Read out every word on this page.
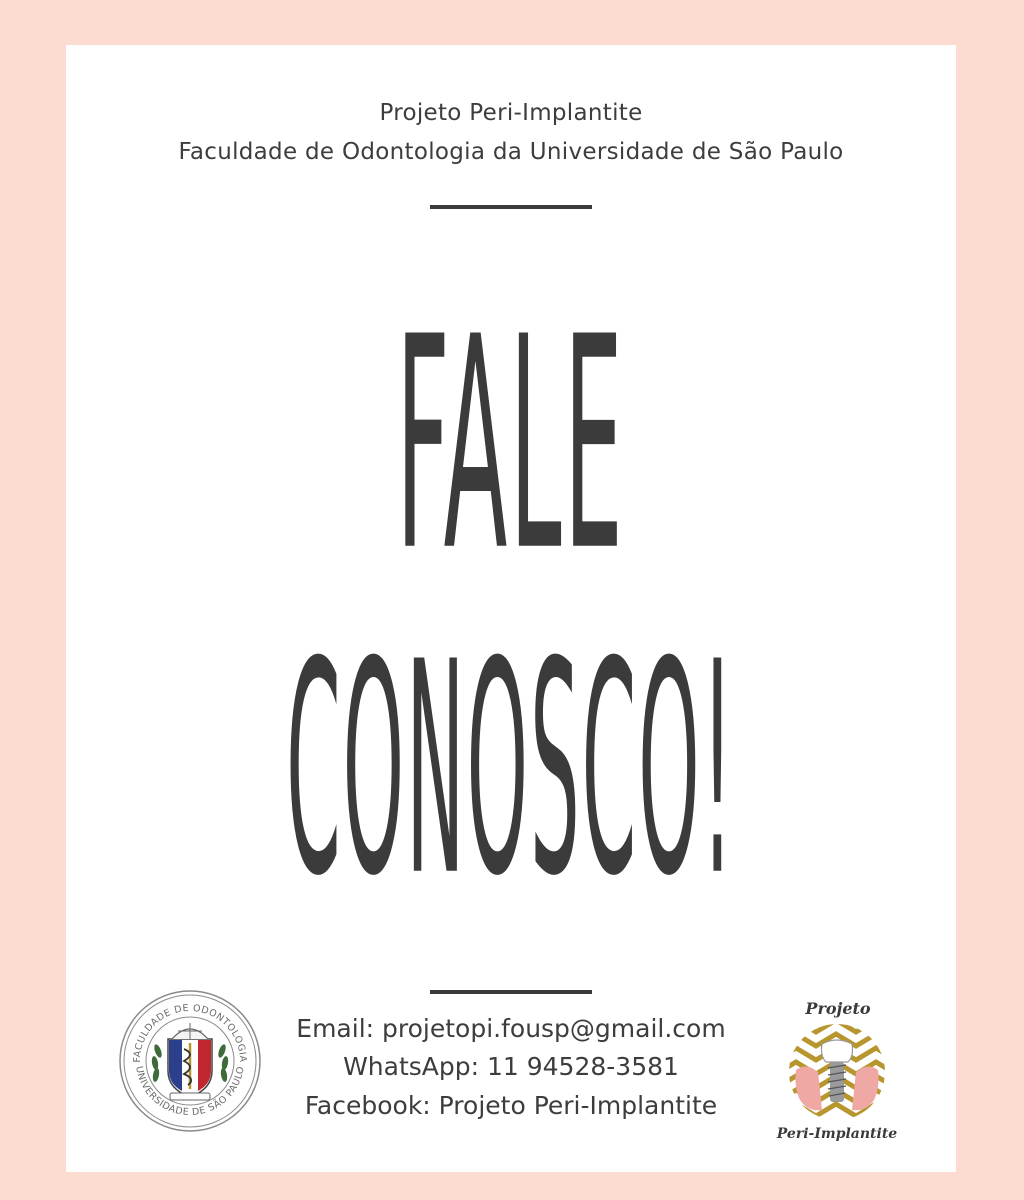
Projeto Peri-Implantite
Faculdade de Odontologia da Universidade de São Paulo
FALE
CONOSCO!
FACULDADE DE ODONTOLOGIA
UNIVERSIDADE DE SÃO PAULO
Email: projetopi.fousp@gmail.com
WhatsApp: 11 94528-3581
Facebook: Projeto Peri-Implantite
Projeto
Peri-Implantite
